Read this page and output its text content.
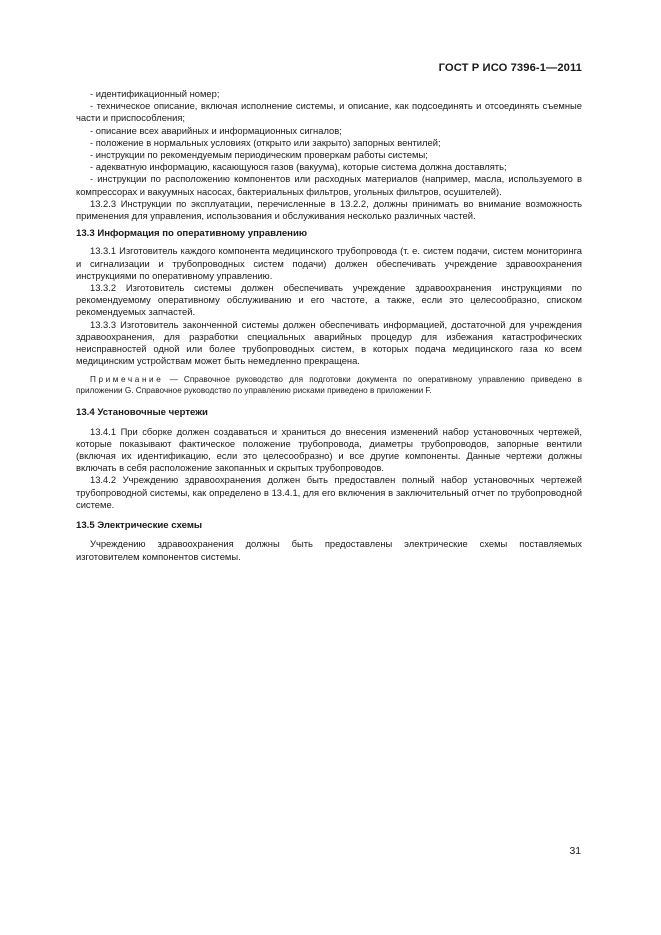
ГОСТ Р ИСО 7396-1—2011

- идентификационный номер;

- техническое описание, включая исполнение системы, и описание, как подсоединять и отсоединять съемные части и приспособления;

- описание всех аварийных и информационных сигналов;

- положение в нормальных условиях (открыто или закрыто) запорных вентилей;

- инструкции по рекомендуемым периодическим проверкам работы системы;

- адекватную информацию, касающуюся газов (вакуума), которые система должна доставлять;

- инструкции по расположению компонентов или расходных материалов (например, масла, используемого в компрессорах и вакуумных насосах, бактериальных фильтров, угольных фильтров, осушителей).

13.2.3 Инструкции по эксплуатации, перечисленные в 13.2.2, должны принимать во внимание возможность применения для управления, использования и обслуживания несколько различных частей.

13.3 Информация по оперативному управлению

13.3.1 Изготовитель каждого компонента медицинского трубопровода (т. е. систем подачи, систем мониторинга и сигнализации и трубопроводных систем подачи) должен обеспечивать учреждение здравоохранения инструкциями по оперативному управлению.

13.3.2 Изготовитель системы должен обеспечивать учреждение здравоохранения инструкциями по рекомендуемому оперативному обслуживанию и его частоте, а также, если это целесообразно, списком рекомендуемых запчастей.

13.3.3 Изготовитель законченной системы должен обеспечивать информацией, достаточной для учреждения здравоохранения, для разработки специальных аварийных процедур для избежания катастрофических неисправностей одной или более трубопроводных систем, в которых подача медицинского газа ко всем медицинским устройствам может быть немедленно прекращена.

Примечание — Справочное руководство для подготовки документа по оперативному управлению приведено в приложении G. Справочное руководство по управлению рисками приведено в приложении F.

13.4 Установочные чертежи

13.4.1 При сборке должен создаваться и храниться до внесения изменений набор установочных чертежей, которые показывают фактическое положение трубопровода, диаметры трубопроводов, запорные вентили (включая их идентификацию, если это целесообразно) и все другие компоненты. Данные чертежи должны включать в себя расположение закопанных и скрытых трубопроводов.

13.4.2 Учреждению здравоохранения должен быть предоставлен полный набор установочных чертежей трубопроводной системы, как определено в 13.4.1, для его включения в заключительный отчет по трубопроводной системе.

13.5 Электрические схемы

Учреждению здравоохранения должны быть предоставлены электрические схемы поставляемых изготовителем компонентов системы.

31
